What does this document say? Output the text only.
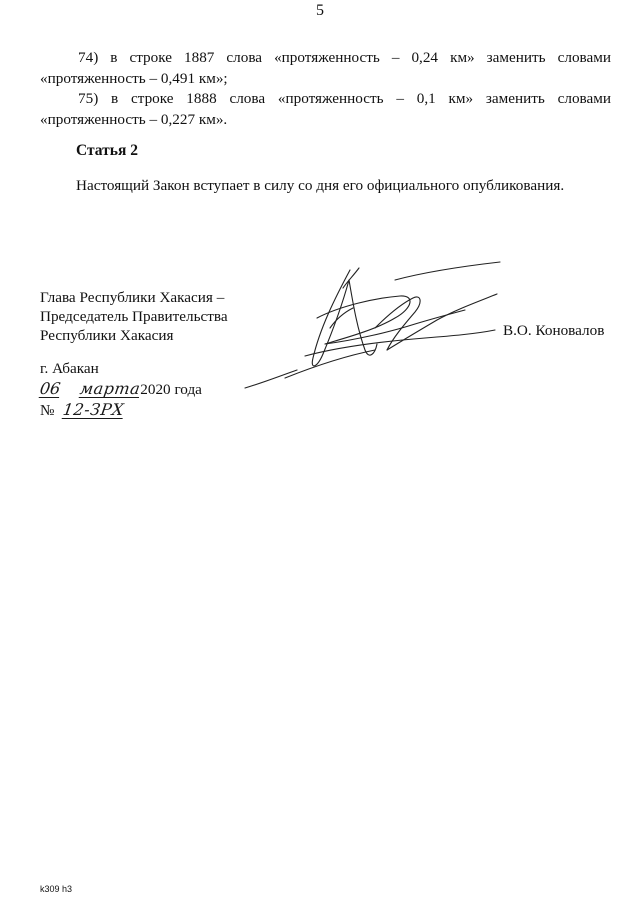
5

74) в строке 1887 слова «протяженность – 0,24 км» заменить словами «протяженность – 0,491 км»;

75) в строке 1888 слова «протяженность – 0,1 км» заменить словами «протяженность – 0,227 км».

Статья 2
Настоящий Закон вступает в силу со дня его официального опубликования.
Глава Республики Хакасия –
Председатель Правительства
Республики Хакасия	В.О. Коновалов
г. Абакан
06 марта2020 года
№ 12-ЗРХ
k309 h3
